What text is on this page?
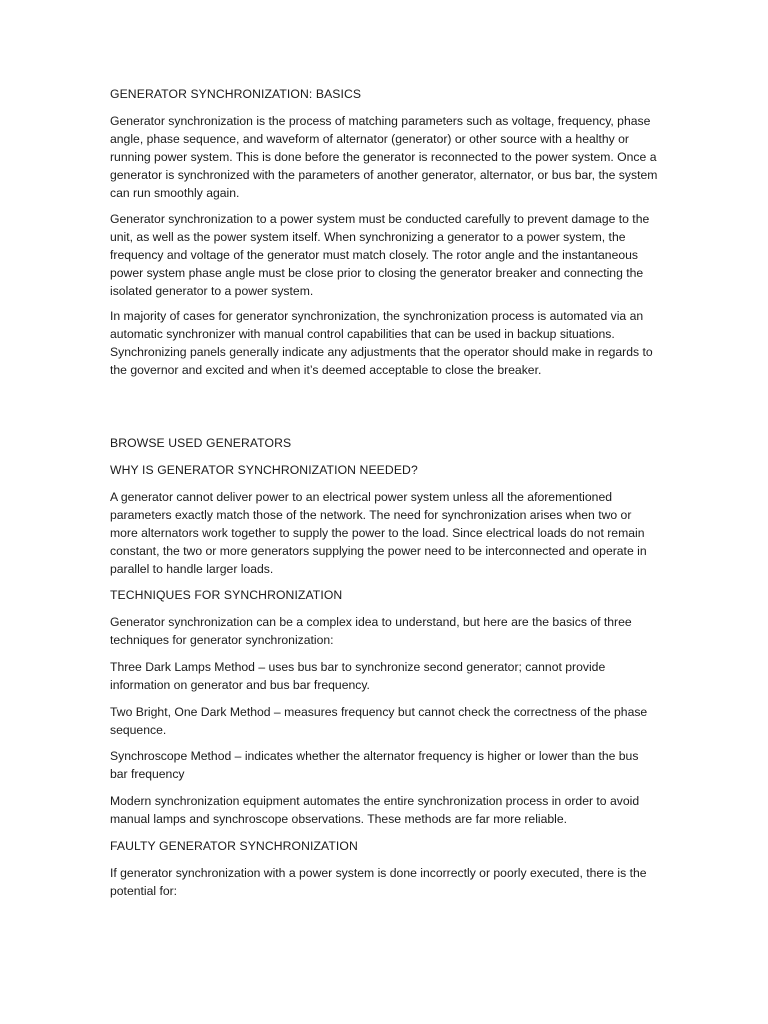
GENERATOR SYNCHRONIZATION: BASICS
Generator synchronization is the process of matching parameters such as voltage, frequency, phase angle, phase sequence, and waveform of alternator (generator) or other source with a healthy or running power system. This is done before the generator is reconnected to the power system. Once a generator is synchronized with the parameters of another generator, alternator, or bus bar, the system can run smoothly again.
Generator synchronization to a power system must be conducted carefully to prevent damage to the unit, as well as the power system itself. When synchronizing a generator to a power system, the frequency and voltage of the generator must match closely. The rotor angle and the instantaneous power system phase angle must be close prior to closing the generator breaker and connecting the isolated generator to a power system.
In majority of cases for generator synchronization, the synchronization process is automated via an automatic synchronizer with manual control capabilities that can be used in backup situations. Synchronizing panels generally indicate any adjustments that the operator should make in regards to the governor and excited and when it’s deemed acceptable to close the breaker.
BROWSE USED GENERATORS
WHY IS GENERATOR SYNCHRONIZATION NEEDED?
A generator cannot deliver power to an electrical power system unless all the aforementioned parameters exactly match those of the network. The need for synchronization arises when two or more alternators work together to supply the power to the load. Since electrical loads do not remain constant, the two or more generators supplying the power need to be interconnected and operate in parallel to handle larger loads.
TECHNIQUES FOR SYNCHRONIZATION
Generator synchronization can be a complex idea to understand, but here are the basics of three techniques for generator synchronization:
Three Dark Lamps Method – uses bus bar to synchronize second generator; cannot provide information on generator and bus bar frequency.
Two Bright, One Dark Method – measures frequency but cannot check the correctness of the phase sequence.
Synchroscope Method – indicates whether the alternator frequency is higher or lower than the bus bar frequency
Modern synchronization equipment automates the entire synchronization process in order to avoid manual lamps and synchroscope observations. These methods are far more reliable.
FAULTY GENERATOR SYNCHRONIZATION
If generator synchronization with a power system is done incorrectly or poorly executed, there is the potential for:
